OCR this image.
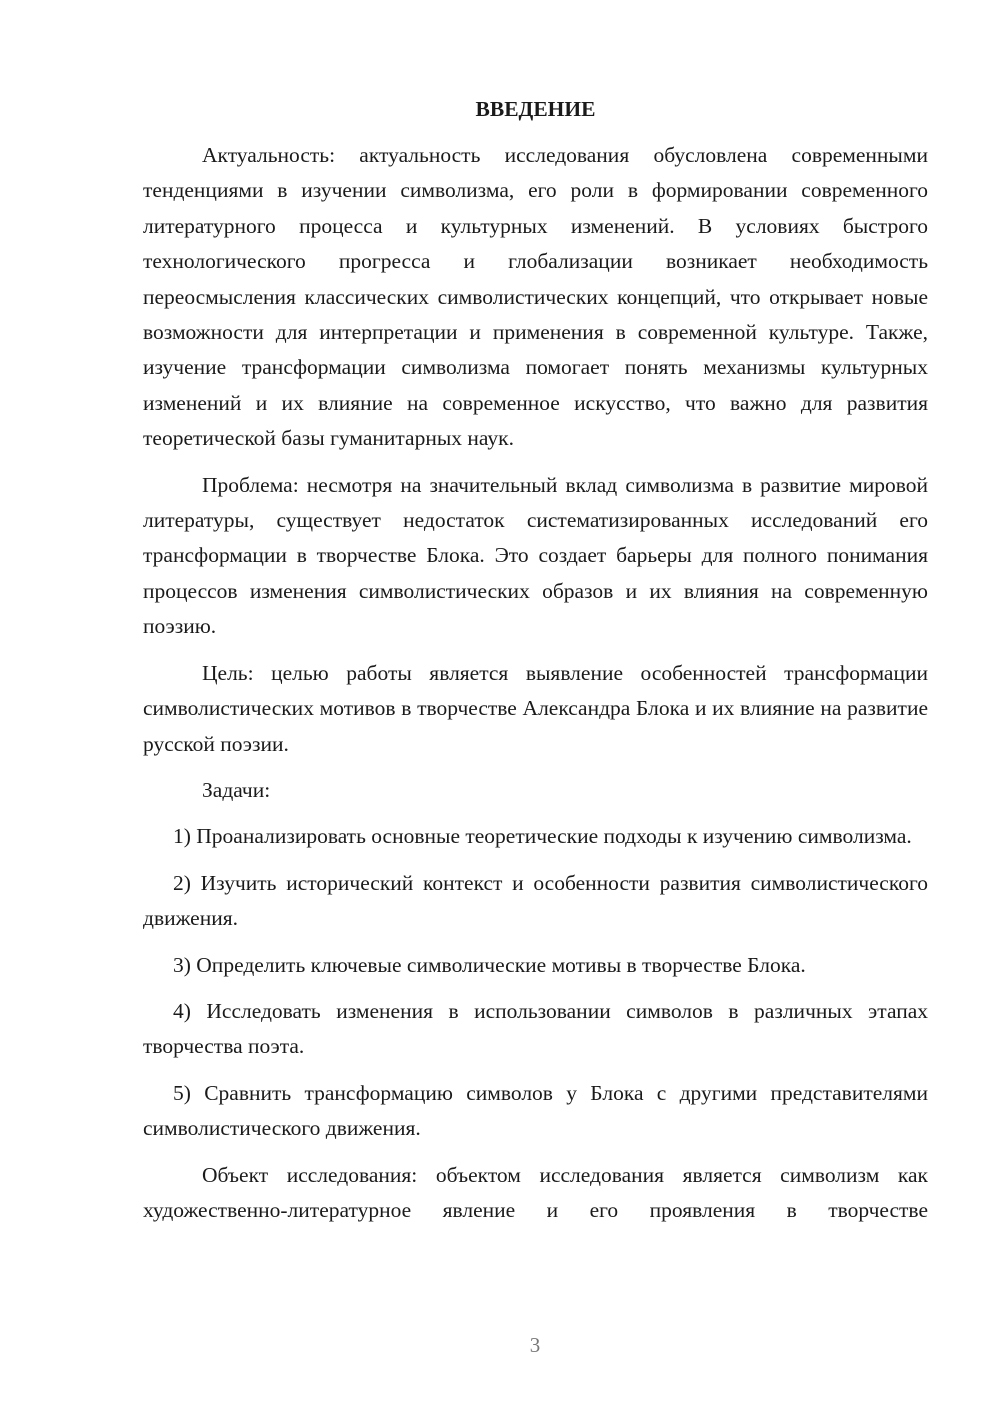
ВВЕДЕНИЕ

Актуальность: актуальность исследования обусловлена современными тенденциями в изучении символизма, его роли в формировании современного литературного процесса и культурных изменений. В условиях быстрого технологического прогресса и глобализации возникает необходимость переосмысления классических символистических концепций, что открывает новые возможности для интерпретации и применения в современной культуре. Также, изучение трансформации символизма помогает понять механизмы культурных изменений и их влияние на современное искусство, что важно для развития теоретической базы гуманитарных наук.

Проблема: несмотря на значительный вклад символизма в развитие мировой литературы, существует недостаток систематизированных исследований его трансформации в творчестве Блока. Это создает барьеры для полного понимания процессов изменения символистических образов и их влияния на современную поэзию.

Цель: целью работы является выявление особенностей трансформации символистических мотивов в творчестве Александра Блока и их влияние на развитие русской поэзии.

Задачи:

1) Проанализировать основные теоретические подходы к изучению символизма.

2) Изучить исторический контекст и особенности развития символистического движения.

3) Определить ключевые символические мотивы в творчестве Блока.

4) Исследовать изменения в использовании символов в различных этапах творчества поэта.

5) Сравнить трансформацию символов у Блока с другими представителями символистического движения.

Объект исследования: объектом исследования является символизм как художественно-литературное явление и его проявления в творчестве

3
